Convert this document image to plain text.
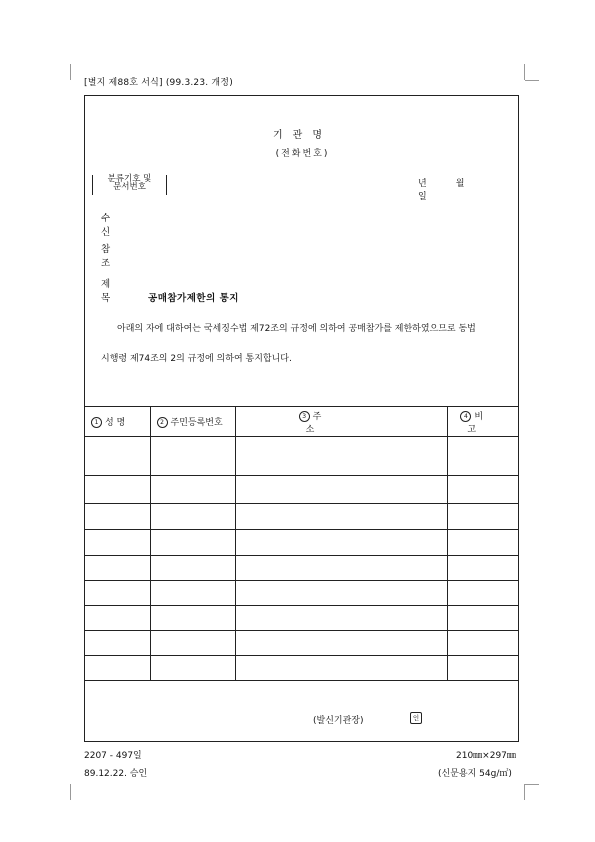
[별지 제88호 서식] (99.3.23. 개정)
기관명
(전화번호)
분류기호 및
문서번호	년월일
수신
참조
제목 공매참가제한의 통지
아래의 자에 대하여는 국세징수법 제72조의 규정에 의하여 공매참가를 제한하였으므로 동법
시행령 제74조의 2의 규정에 의하여 통지합니다.
1 성 명	2 주민등록번호	3 주 소	4 비 고

(발신기관장)	인
2207 - 497일
89.12.22. 승인
210㎜×297㎜
(신문용지 54g/㎡)
